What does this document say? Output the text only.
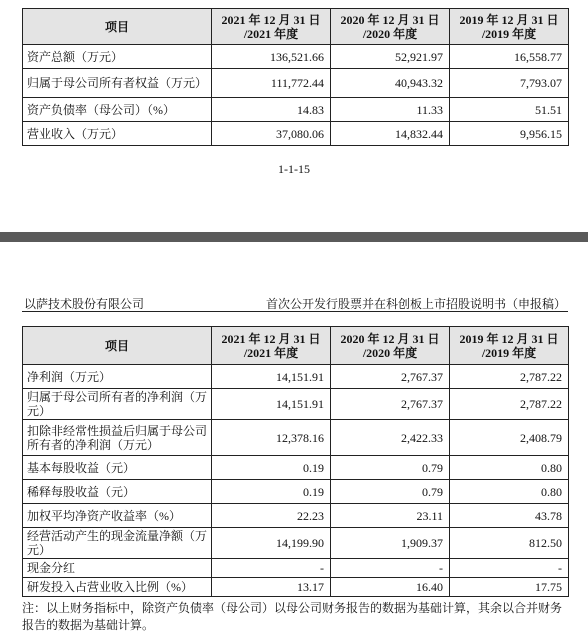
项目	2021 年 12 月 31 日 /2021 年度	2020 年 12 月 31 日 /2020 年度	2019 年 12 月 31 日 /2019 年度
资产总额（万元）	136,521.66	52,921.97	16,558.77
归属于母公司所有者权益（万元）	111,772.44	40,943.32	7,793.07
资产负债率（母公司）（%）	14.83	11.33	51.51
营业收入（万元）	37,080.06	14,832.44	9,956.15
1-1-15
以萨技术股份有限公司	首次公开发行股票并在科创板上市招股说明书（申报稿）
项目	2021 年 12 月 31 日 /2021 年度	2020 年 12 月 31 日 /2020 年度	2019 年 12 月 31 日 /2019 年度
净利润（万元）	14,151.91	2,767.37	2,787.22
归属于母公司所有者的净利润（万元）	14,151.91	2,767.37	2,787.22
扣除非经常性损益后归属于母公司所有者的净利润（万元）	12,378.16	2,422.33	2,408.79
基本每股收益（元）	0.19	0.79	0.80
稀释每股收益（元）	0.19	0.79	0.80
加权平均净资产收益率（%）	22.23	23.11	43.78
经营活动产生的现金流量净额（万元）	14,199.90	1,909.37	812.50
现金分红	-	-	-
研发投入占营业收入比例（%）	13.17	16.40	17.75
注：以上财务指标中，除资产负债率（母公司）以母公司财务报告的数据为基础计算，其余以合并财务报告的数据为基础计算。
